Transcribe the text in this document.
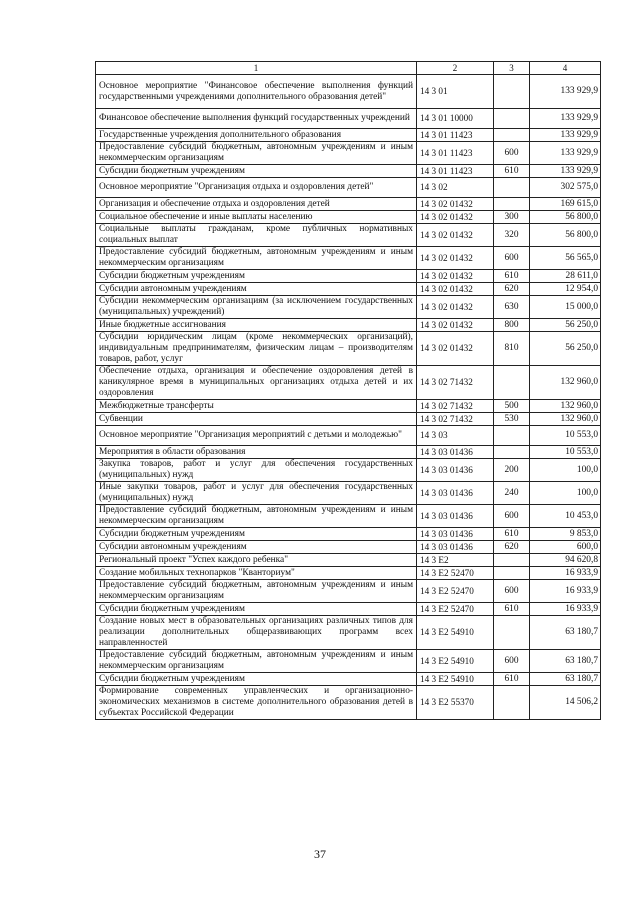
1	2	3	4
Основное мероприятие "Финансовое обеспечение выполнения функций государственными учреждениями дополнительного образования детей"	14 3 01		133 929,9
Финансовое обеспечение выполнения функций государственных учреждений	14 3 01 10000		133 929,9
Государственные учреждения дополнительного образования	14 3 01 11423		133 929,9
Предоставление субсидий бюджетным, автономным учреждениям и иным некоммерческим организациям	14 3 01 11423	600	133 929,9
Субсидии бюджетным учреждениям	14 3 01 11423	610	133 929,9
Основное мероприятие "Организация отдыха и оздоровления детей"	14 3 02		302 575,0
Организация и обеспечение отдыха и оздоровления детей	14 3 02 01432		169 615,0
Социальное обеспечение и иные выплаты населению	14 3 02 01432	300	56 800,0
Социальные выплаты гражданам, кроме публичных нормативных социальных выплат	14 3 02 01432	320	56 800,0
Предоставление субсидий бюджетным, автономным учреждениям и иным некоммерческим организациям	14 3 02 01432	600	56 565,0
Субсидии бюджетным учреждениям	14 3 02 01432	610	28 611,0
Субсидии автономным учреждениям	14 3 02 01432	620	12 954,0
Субсидии некоммерческим организациям (за исключением государственных (муниципальных) учреждений)	14 3 02 01432	630	15 000,0
Иные бюджетные ассигнования	14 3 02 01432	800	56 250,0
Субсидии юридическим лицам (кроме некоммерческих организаций), индивидуальным предпринимателям, физическим лицам – производителям товаров, работ, услуг	14 3 02 01432	810	56 250,0
Обеспечение отдыха, организация и обеспечение оздоровления детей в каникулярное время в муниципальных организациях отдыха детей и их оздоровления	14 3 02 71432		132 960,0
Межбюджетные трансферты	14 3 02 71432	500	132 960,0
Субвенции	14 3 02 71432	530	132 960,0
Основное мероприятие "Организация мероприятий с детьми и молодежью"	14 3 03		10 553,0
Мероприятия в области образования	14 3 03 01436		10 553,0
Закупка товаров, работ и услуг для обеспечения государственных (муниципальных) нужд	14 3 03 01436	200	100,0
Иные закупки товаров, работ и услуг для обеспечения государственных (муниципальных) нужд	14 3 03 01436	240	100,0
Предоставление субсидий бюджетным, автономным учреждениям и иным некоммерческим организациям	14 3 03 01436	600	10 453,0
Субсидии бюджетным учреждениям	14 3 03 01436	610	9 853,0
Субсидии автономным учреждениям	14 3 03 01436	620	600,0
Региональный проект "Успех каждого ребенка"	14 3 E2		94 620,8
Создание мобильных технопарков "Кванториум"	14 3 E2 52470		16 933,9
Предоставление субсидий бюджетным, автономным учреждениям и иным некоммерческим организациям	14 3 E2 52470	600	16 933,9
Субсидии бюджетным учреждениям	14 3 E2 52470	610	16 933,9
Создание новых мест в образовательных организациях различных типов для реализации дополнительных общеразвивающих программ всех направленностей	14 3 E2 54910		63 180,7
Предоставление субсидий бюджетным, автономным учреждениям и иным некоммерческим организациям	14 3 E2 54910	600	63 180,7
Субсидии бюджетным учреждениям	14 3 E2 54910	610	63 180,7
Формирование современных управленческих и организационно-экономических механизмов в системе дополнительного образования детей в субъектах Российской Федерации	14 3 E2 55370		14 506,2
37
